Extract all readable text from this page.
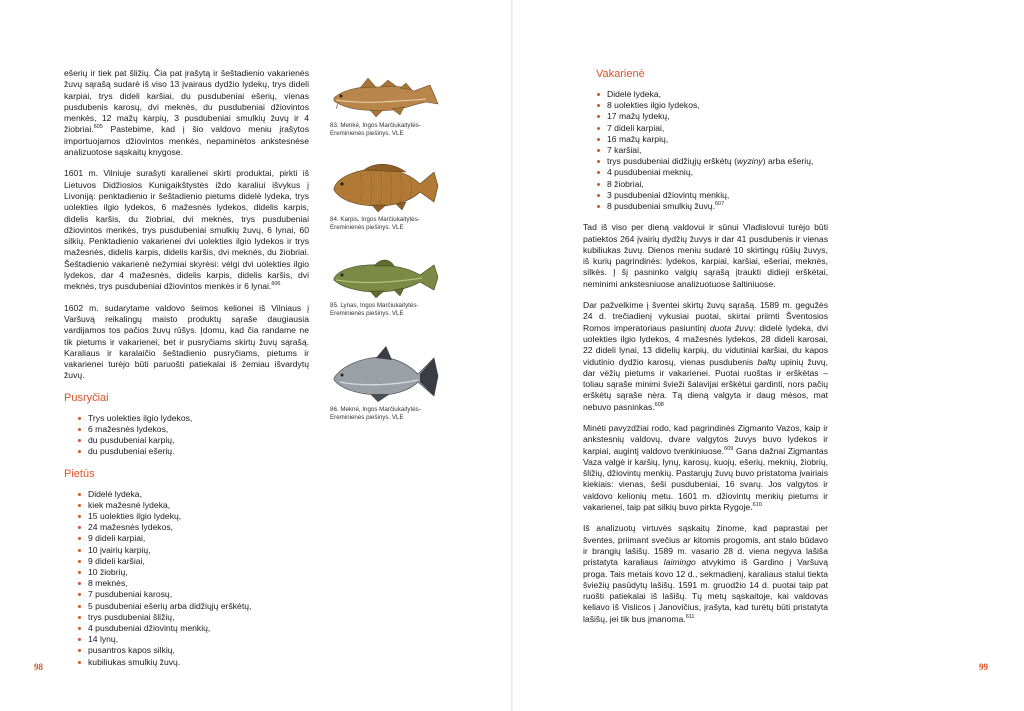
ešerių ir tiek pat šližių. Čia pat įrašytą ir šeštadienio vakarienės žuvų sąrašą sudarė iš viso 13 įvairaus dydžio lydekų, trys dideli karpiai, trys dideli karšiai, du pusdubeniai ešerių, vienas pusdubenis karosų, dvi meknės, du pusdubeniai džiovintos menkės, 12 mažų karpių, 3 pusdubeniai smulkių žuvų ir 4 žiobriai.$^{605}$ Pastebime, kad į šio valdovo meniu įrašytos importuojamos džiovintos menkės, nepaminėtos ankstesnėse analizuotose sąskaitų knygose.

1601 m. Vilniuje surašyti karalienei skirti produktai, pirkti iš Lietuvos Didžiosios Kunigaikštystės iždo karaliui išvykus į Livoniją: penktadienio ir šeštadienio pietums didelė lydeka, trys uolekties ilgio lydekos, 6 mažesnės lydekos, didelis karpis, didelis karšis, du žiobriai, dvi meknės, trys pusdubeniai džiovintos menkės, trys pusdubeniai smulkių žuvų, 6 lynai, 60 silkių. Penktadienio vakarienei dvi uolekties ilgio lydekos ir trys mažesnės, didelis karpis, didelis karšis, dvi meknės, du žiobriai. Šeštadienio vakarienė nežymiai skyrėsi: vėlgi dvi uolekties ilgio lydekos, dar 4 mažesnės, didelis karpis, didelis karšis, dvi meknės, trys pusdubeniai džiovintos menkės ir 6 lynai.$^{606}$

1602 m. sudarytame valdovo šeimos kelionei iš Vilniaus į Varšuvą reikalingų maisto produktų sąraše daugiausia vardijamos tos pačios žuvų rūšys. Įdomu, kad čia randame ne tik pietums ir vakarienei, bet ir pusryčiams skirtų žuvų sąrašą. Karaliaus ir karalaičio šeštadienio pusryčiams, pietums ir vakarienei turėjo būti paruošti patiekalai iš žemiau išvardytų žuvų.

Pusryčiai
Trys uolekties ilgio lydekos,
6 mažesnės lydekos,
du pusdubeniai karpių,
du pusdubeniai ešerių.
Pietūs
Didelė lydeka,
kiek mažesnė lydeka,
15 uolekties ilgio lydekų,
24 mažesnės lydekos,
9 dideli karpiai,
10 įvairių karpių,
9 dideli karšiai,
10 žiobrių,
8 meknės,
7 pusdubeniai karosų,
5 pusdubeniai ešerių arba didžiųjų erškėtų,
trys pusdubeniai šližių,
4 pusdubeniai džiovintų menkių,
14 lynų,
pusantros kapos silkių,
kubiliukas smulkių žuvų.
83. Menkė, Ingos Marčiukaitytės-Ereminienės piešinys. VLE
84. Karpis, Ingos Marčiukaitytės-Ereminienės piešinys. VLE
85. Lynas, Ingos Marčiukaitytės-Ereminienės piešinys. VLE
86. Meknė, Ingos Marčiukaitytės-Ereminienės piešinys. VLE
Vakarienė
Didelė lydeka,
8 uolekties ilgio lydekos,
17 mažų lydekų,
7 dideli karpiai,
16 mažų karpių,
7 karšiai,
trys pusdubeniai didžiųjų erškėtų (wyziny) arba ešerių,
4 pusdubeniai meknių,
8 žiobriai,
3 pusdubeniai džiovintų menkių,
8 pusdubeniai smulkių žuvų.$^{607}$

Tad iš viso per dieną valdovui ir sūnui Vladislovui turėjo būti patiektos 264 įvairių dydžių žuvys ir dar 41 pusdubenis ir vienas kubiliukas žuvų. Dienos meniu sudarė 10 skirtingų rūšių žuvys, iš kurių pagrindinės: lydekos, karpiai, karšiai, ešeriai, meknės, silkės. Į šį pasninko valgių sąrašą įtraukti didieji erškėtai, neminimi ankstesniuose analizuotuose šaltiniuose.

Dar pažvelkime į šventei skirtų žuvų sąrašą. 1589 m. gegužės 24 d. trečiadienį vykusiai puotai, skirtai priimti Šventosios Romos imperatoriaus pasiuntinį duota žuvų: didelė lydeka, dvi uolekties ilgio lydekos, 4 mažesnės lydekos, 28 dideli karosai, 22 dideli lynai, 13 didelių karpių, du vidutiniai karšiai, du kapos vidutinio dydžio karosų, vienas pusdubenis baltų upinių žuvų, dar vėžių pietums ir vakarienei. Puotai ruoštas ir erškėtas – toliau sąraše minimi švieži šalavijai erškėtui gardinti, nors pačių erškėtų sąraše nėra. Tą dieną valgyta ir daug mėsos, mat nebuvo pasninkas.$^{608}$

Minėti pavyzdžiai rodo, kad pagrindinės Zigmanto Vazos, kaip ir ankstesnių valdovų, dvare valgytos žuvys buvo lydekos ir karpiai, augintį valdovo tvenkiniuose.$^{609}$ Gana dažnai Zigmantas Vaza valgė ir karšių, lynų, karosų, kuojų, ešerių, meknių, žiobrių, šližių, džiovintų menkių. Pastarųjų žuvų buvo pristatoma įvairiais kiekiais: vienas, šeši pusdubeniai, 16 svarų. Jos valgytos ir valdovo kelionių metu. 1601 m. džiovintų menkių pietums ir vakarienei, taip pat silkių buvo pirkta Rygoje.$^{610}$

Iš analizuotų virtuvės sąskaitų žinome, kad paprastai per šventes, priimant svečius ar kitomis progomis, ant stalo būdavo ir brangių lašišų. 1589 m. vasario 28 d. viena negyva lašiša pristatyta karaliaus laimingo atvykimo iš Gardino į Varšuvą proga. Tais metais kovo 12 d., sekmadienį, karaliaus stalui tiekta šviežių pasūdytų lašišų. 1591 m. gruodžio 14 d. puotai taip pat ruošti patiekalai iš lašišų. Tų metų sąskaitoje, kai valdovas keliavo iš Vislicos į Janovičius, įrašyta, kad turėtų būti pristatyta lašišų, jei tik bus įmanoma.$^{611}$

98	99
